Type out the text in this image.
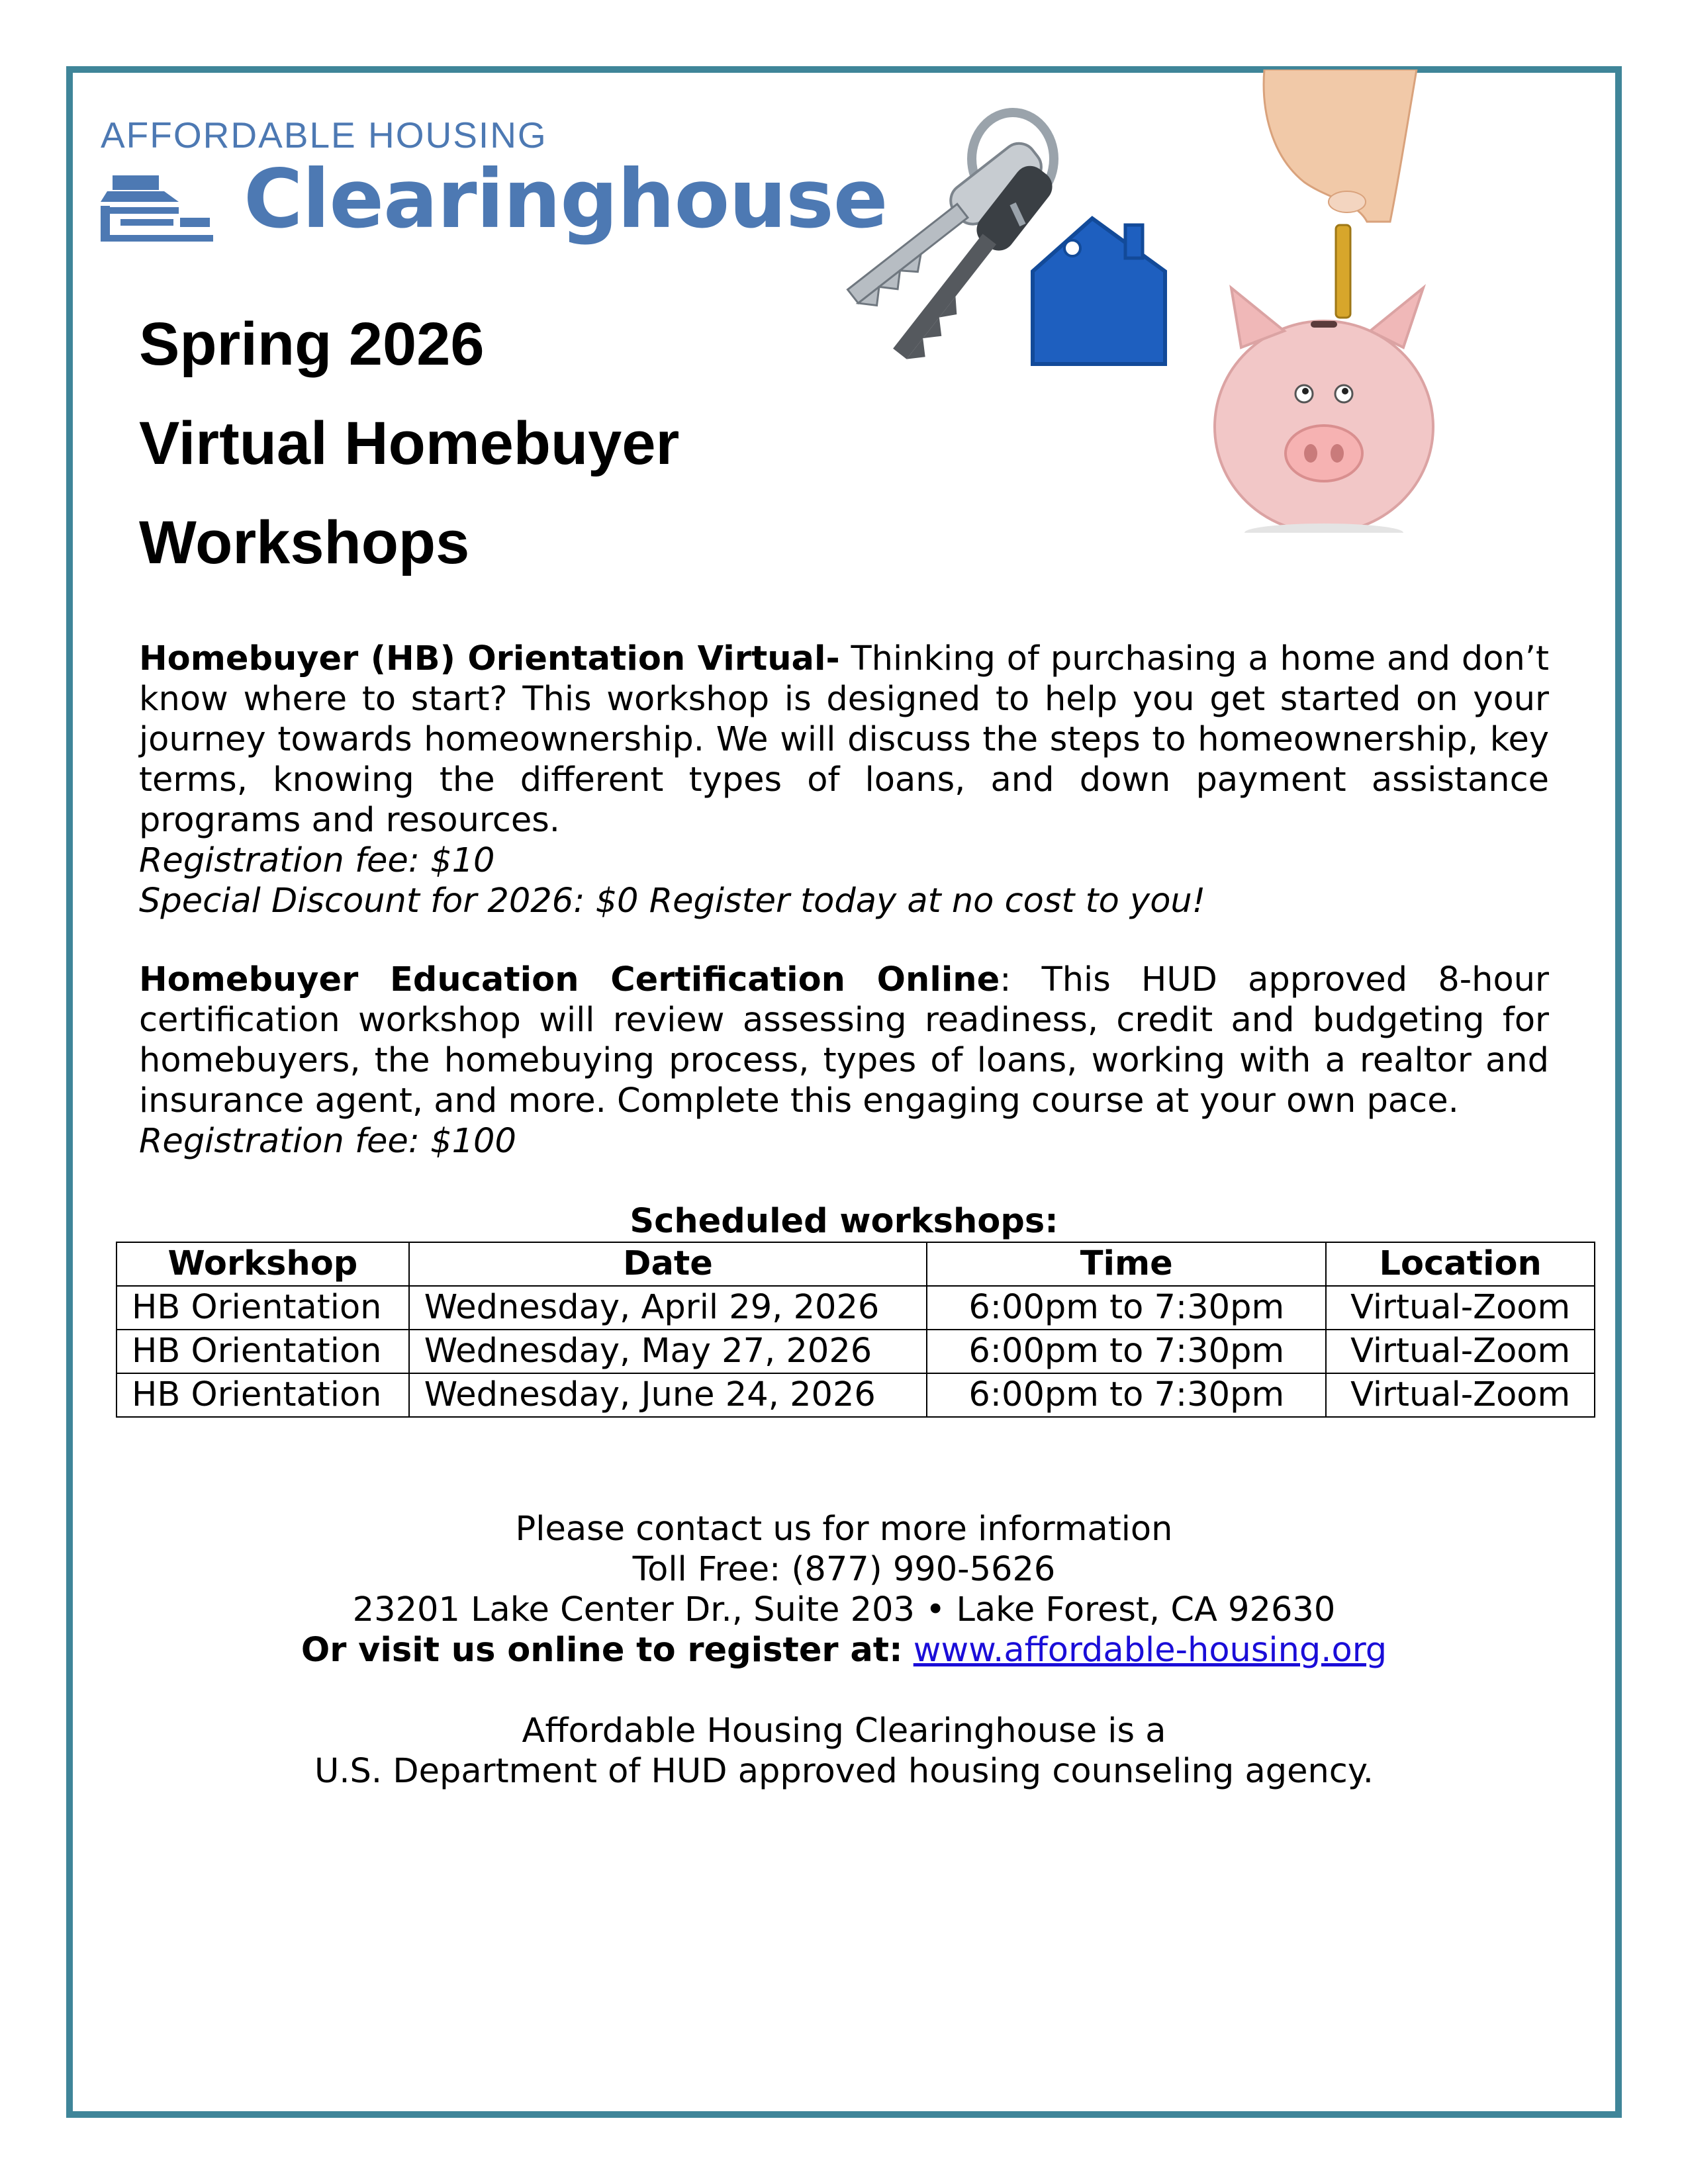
AFFORDABLE HOUSING
Clearinghouse
Spring 2026
Virtual Homebuyer
Workshops
Homebuyer (HB) Orientation Virtual- Thinking of purchasing a home and don’t know where to start? This workshop is designed to help you get started on your journey towards homeownership. We will discuss the steps to homeownership, key terms, knowing the different types of loans, and down payment assistance programs and resources.
Registration fee: $10
Special Discount for 2026: $0 Register today at no cost to you!
Homebuyer Education Certification Online: This HUD approved 8-hour certification workshop will review assessing readiness, credit and budgeting for homebuyers, the homebuying process, types of loans, working with a realtor and insurance agent, and more. Complete this engaging course at your own pace.
Registration fee: $100
Scheduled workshops:
Workshop	Date	Time	Location
HB Orientation	Wednesday, April 29, 2026	6:00pm to 7:30pm	Virtual-Zoom
HB Orientation	Wednesday, May 27, 2026	6:00pm to 7:30pm	Virtual-Zoom
HB Orientation	Wednesday, June 24, 2026	6:00pm to 7:30pm	Virtual-Zoom
Please contact us for more information
Toll Free: (877) 990-5626
23201 Lake Center Dr., Suite 203 • Lake Forest, CA 92630
Or visit us online to register at: www.affordable-housing.org
Affordable Housing Clearinghouse is a
U.S. Department of HUD approved housing counseling agency.
